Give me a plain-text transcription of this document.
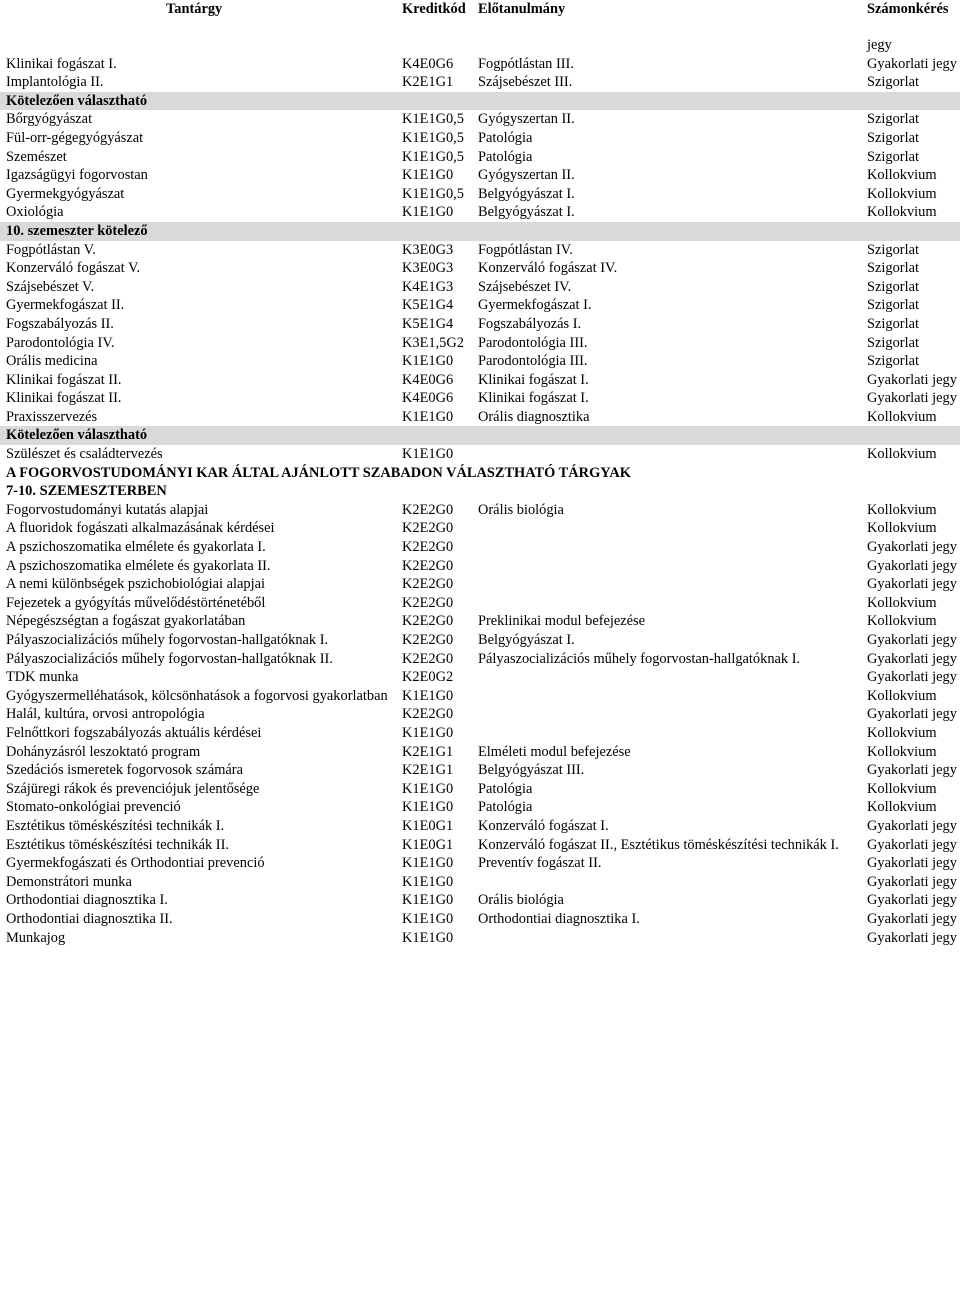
Tantárgy	Kreditkód	Előtanulmány	Számonkérés
			jegy
Klinikai fogászat I.	K4E0G6	Fogpótlástan III.	Gyakorlati jegy
Implantológia II.	K2E1G1	Szájsebészet III.	Szigorlat
Kötelezően választható			
Bőrgyógyászat	K1E1G0,5	Gyógyszertan II.	Szigorlat
Fül-orr-gégegyógyászat	K1E1G0,5	Patológia	Szigorlat
Szemészet	K1E1G0,5	Patológia	Szigorlat
Igazságügyi fogorvostan	K1E1G0	Gyógyszertan II.	Kollokvium
Gyermekgyógyászat	K1E1G0,5	Belgyógyászat I.	Kollokvium
Oxiológia	K1E1G0	Belgyógyászat I.	Kollokvium
10. szemeszter kötelező			
Fogpótlástan V.	K3E0G3	Fogpótlástan IV.	Szigorlat
Konzerváló fogászat V.	K3E0G3	Konzerváló fogászat IV.	Szigorlat
Szájsebészet V.	K4E1G3	Szájsebészet IV.	Szigorlat
Gyermekfogászat II.	K5E1G4	Gyermekfogászat I.	Szigorlat
Fogszabályozás II.	K5E1G4	Fogszabályozás I.	Szigorlat
Parodontológia IV.	K3E1,5G2	Parodontológia III.	Szigorlat
Orális medicina	K1E1G0	Parodontológia III.	Szigorlat
Klinikai fogászat II.	K4E0G6	Klinikai fogászat I.	Gyakorlati jegy
Klinikai fogászat II.	K4E0G6	Klinikai fogászat I.	Gyakorlati jegy
Praxisszervezés	K1E1G0	Orális diagnosztika	Kollokvium
Kötelezően választható			
Szülészet és családtervezés	K1E1G0		Kollokvium
A FOGORVOSTUDOMÁNYI KAR ÁLTAL AJÁNLOTT SZABADON VÁLASZTHATÓ TÁRGYAK			
7-10. SZEMESZTERBEN			
Fogorvostudományi kutatás alapjai	K2E2G0	Orális biológia	Kollokvium
A fluoridok fogászati alkalmazásának kérdései	K2E2G0		Kollokvium
A pszichoszomatika elmélete és gyakorlata I.	K2E2G0		Gyakorlati jegy
A pszichoszomatika elmélete és gyakorlata II.	K2E2G0		Gyakorlati jegy
A nemi különbségek pszichobiológiai alapjai	K2E2G0		Gyakorlati jegy
Fejezetek a gyógyítás művelődéstörténetéből	K2E2G0		Kollokvium
Népegészségtan a fogászat gyakorlatában	K2E2G0	Preklinikai modul befejezése	Kollokvium
Pályaszocializációs műhely fogorvostan-hallgatóknak I.	K2E2G0	Belgyógyászat I.	Gyakorlati jegy
Pályaszocializációs műhely fogorvostan-hallgatóknak II.	K2E2G0	Pályaszocializációs műhely fogorvostan-hallgatóknak I.	Gyakorlati jegy
TDK munka	K2E0G2		Gyakorlati jegy
Gyógyszermelléhatások, kölcsönhatások a fogorvosi gyakorlatban	K1E1G0		Kollokvium
Halál, kultúra, orvosi antropológia	K2E2G0		Gyakorlati jegy
Felnőttkori fogszabályozás aktuális kérdései	K1E1G0		Kollokvium
Dohányzásról leszoktató program	K2E1G1	Elméleti modul befejezése	Kollokvium
Szedációs ismeretek fogorvosok számára	K2E1G1	Belgyógyászat III.	Gyakorlati jegy
Szájüregi rákok és prevenciójuk jelentősége	K1E1G0	Patológia	Kollokvium
Stomato-onkológiai prevenció	K1E1G0	Patológia	Kollokvium
Esztétikus töméskészítési technikák I.	K1E0G1	Konzerváló fogászat I.	Gyakorlati jegy
Esztétikus töméskészítési technikák II.	K1E0G1	Konzerváló fogászat II., Esztétikus töméskészítési technikák I.	Gyakorlati jegy
Gyermekfogászati és Orthodontiai prevenció	K1E1G0	Preventív fogászat II.	Gyakorlati jegy
Demonstrátori munka	K1E1G0		Gyakorlati jegy
Orthodontiai diagnosztika I.	K1E1G0	Orális biológia	Gyakorlati jegy
Orthodontiai diagnosztika II.	K1E1G0	Orthodontiai diagnosztika I.	Gyakorlati jegy
Munkajog	K1E1G0		Gyakorlati jegy
